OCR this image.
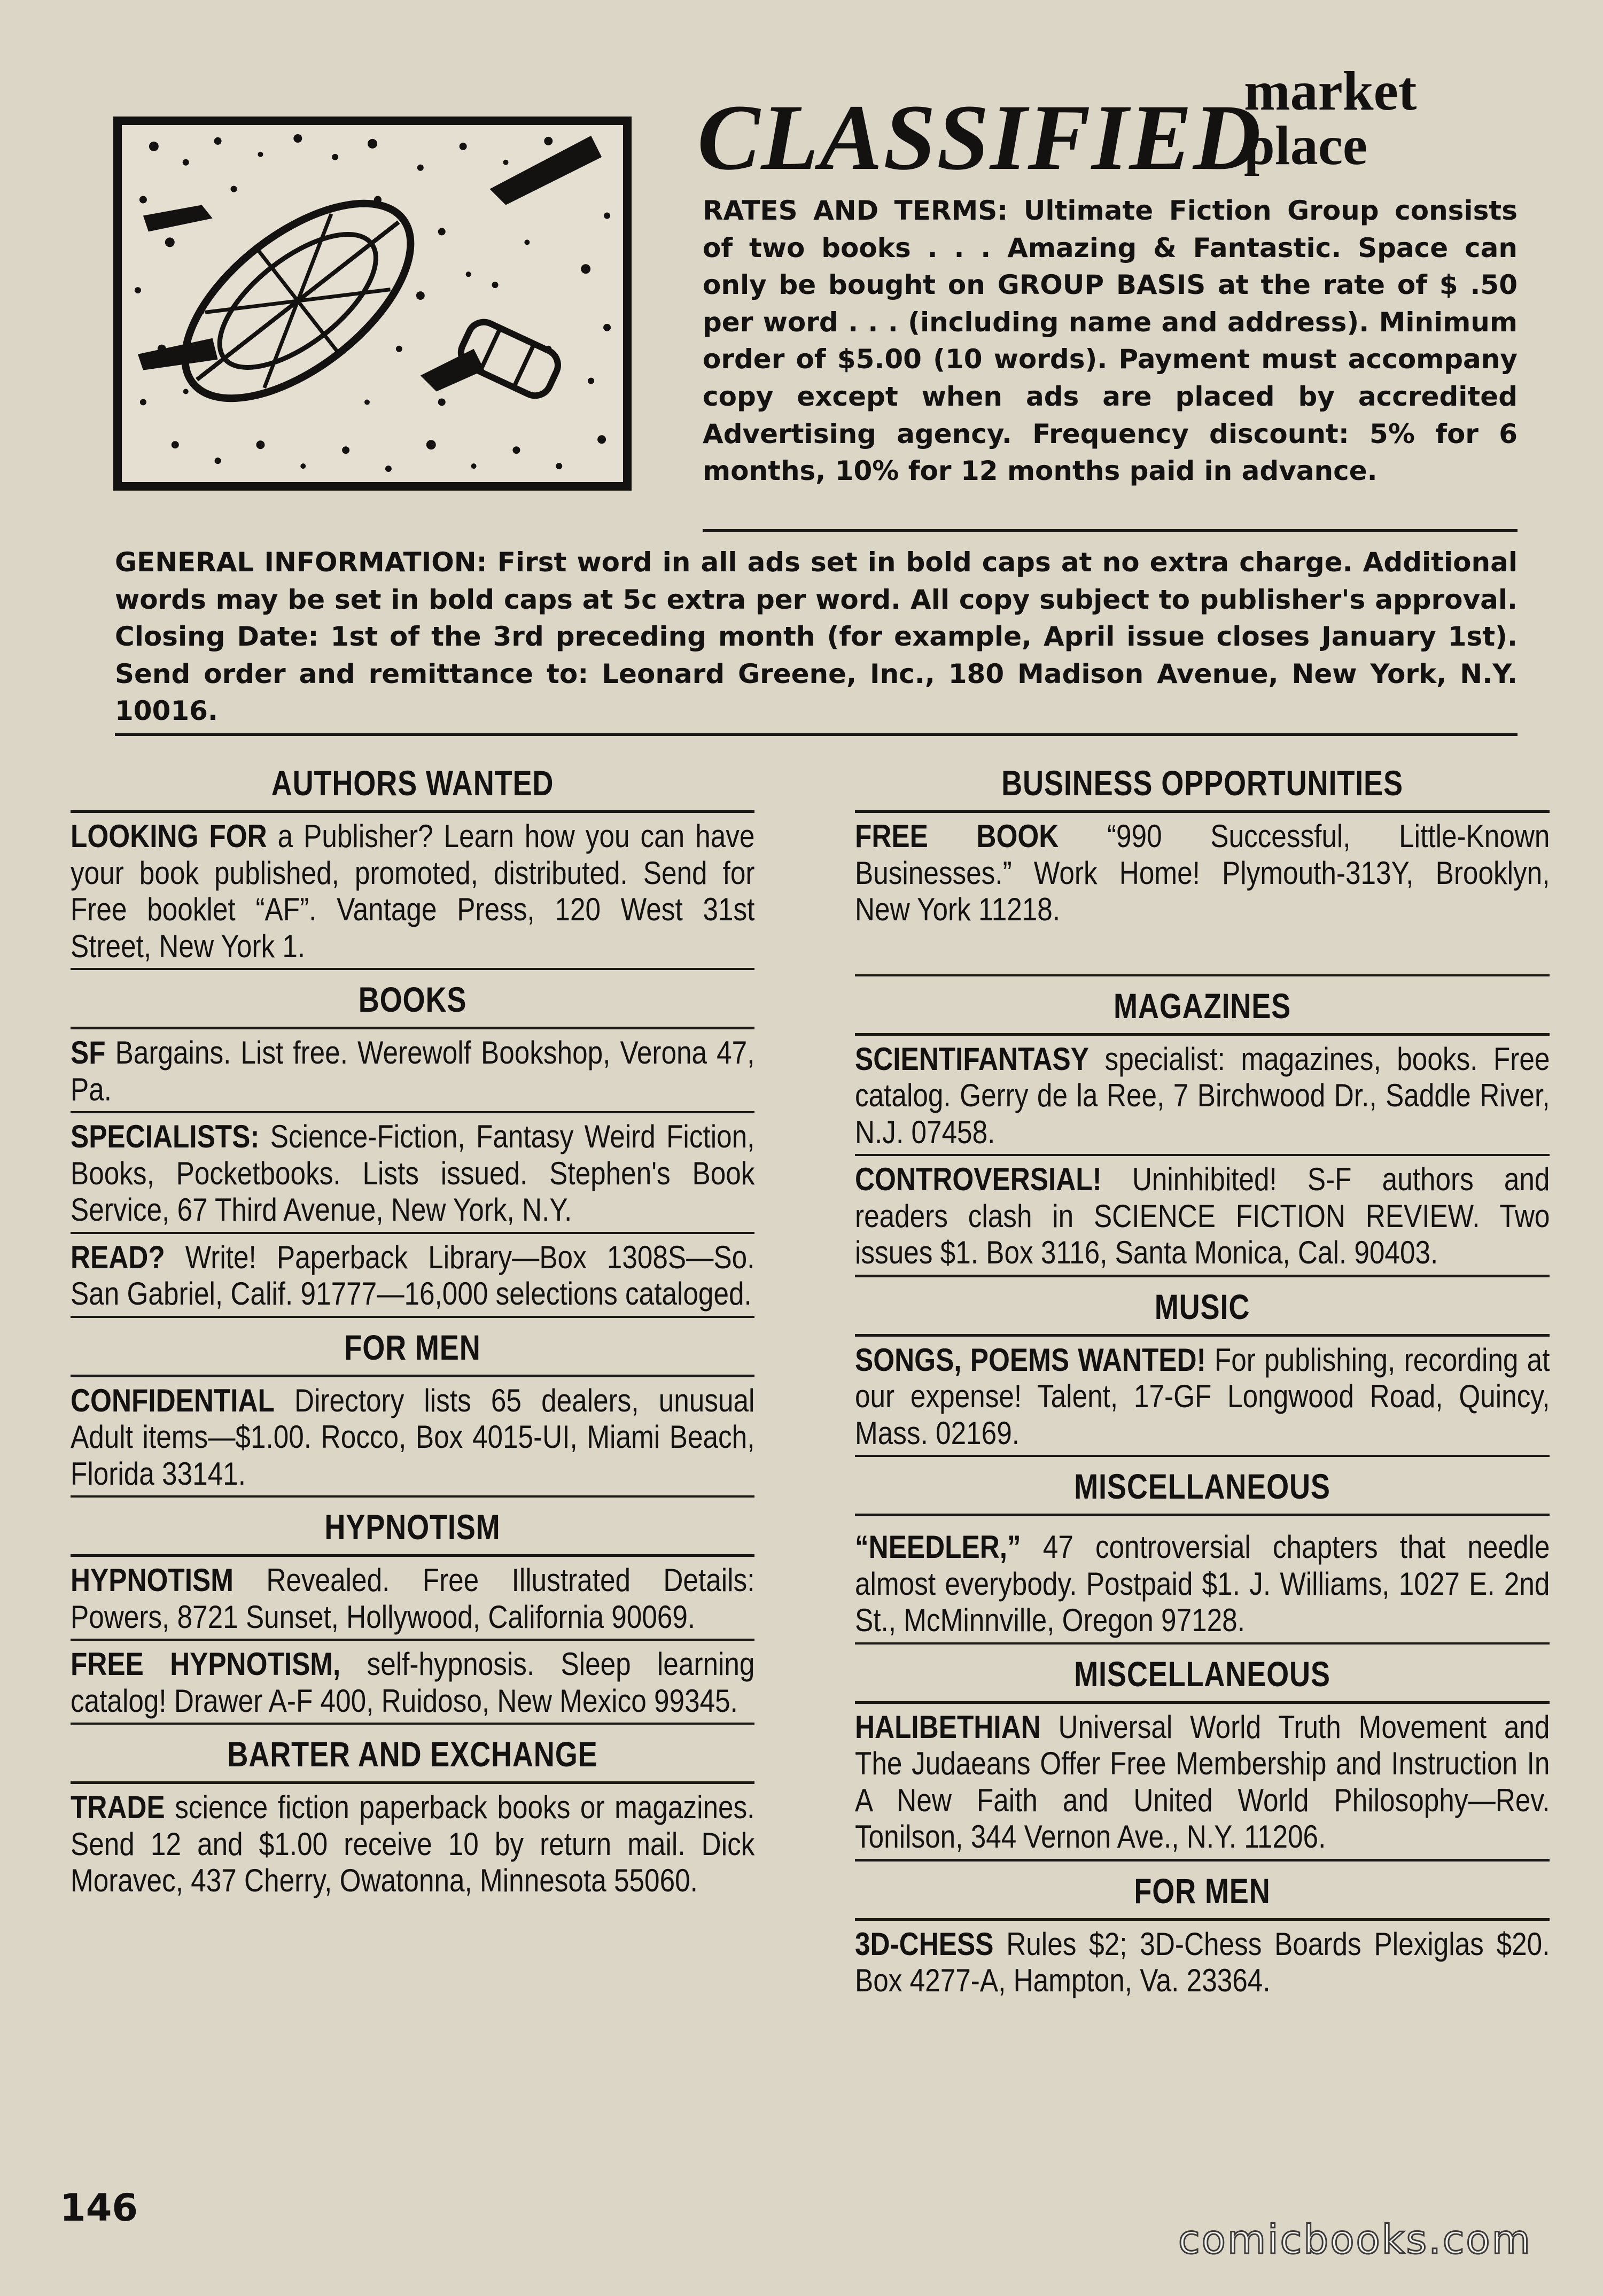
CLASSIFIED
market
place

RATES AND TERMS: Ultimate Fiction Group consists of two books . . . Amazing & Fantastic. Space can only be bought on GROUP BASIS at the rate of $ .50 per word . . . (including name and address). Minimum order of $5.00 (10 words). Payment must accompany copy except when ads are placed by accredited Advertising agency. Frequency discount: 5% for 6 months, 10% for 12 months paid in advance.

GENERAL INFORMATION: First word in all ads set in bold caps at no extra charge. Additional words may be set in bold caps at 5c extra per word. All copy subject to publisher's approval. Closing Date: 1st of the 3rd preceding month (for example, April issue closes January 1st). Send order and remittance to: Leonard Greene, Inc., 180 Madison Avenue, New York, N.Y. 10016.

AUTHORS WANTED

LOOKING FOR a Publisher? Learn how you can have your book published, promoted, distributed. Send for Free booklet “AF”. Vantage Press, 120 West 31st Street, New York 1.

BOOKS

SF Bargains. List free. Werewolf Bookshop, Verona 47, Pa.

SPECIALISTS: Science-Fiction, Fantasy Weird Fiction, Books, Pocketbooks. Lists issued. Stephen's Book Service, 67 Third Avenue, New York, N.Y.

READ? Write! Paperback Library—Box 1308S—So. San Gabriel, Calif. 91777—16,000 selections cataloged.

FOR MEN

CONFIDENTIAL Directory lists 65 dealers, unusual Adult items—$1.00. Rocco, Box 4015-UI, Miami Beach, Florida 33141.

HYPNOTISM

HYPNOTISM Revealed. Free Illustrated Details: Powers, 8721 Sunset, Hollywood, California 90069.

FREE HYPNOTISM, self-hypnosis. Sleep learning catalog! Drawer A-F 400, Ruidoso, New Mexico 99345.

BARTER AND EXCHANGE

TRADE science fiction paperback books or magazines. Send 12 and $1.00 receive 10 by return mail. Dick Moravec, 437 Cherry, Owatonna, Minnesota 55060.

BUSINESS OPPORTUNITIES

FREE BOOK “990 Successful, Little-Known Businesses.” Work Home! Plymouth-313Y, Brooklyn, New York 11218.

MAGAZINES

SCIENTIFANTASY specialist: magazines, books. Free catalog. Gerry de la Ree, 7 Birchwood Dr., Saddle River, N.J. 07458.

CONTROVERSIAL! Uninhibited! S-F authors and readers clash in SCIENCE FICTION REVIEW. Two issues $1. Box 3116, Santa Monica, Cal. 90403.

MUSIC

SONGS, POEMS WANTED! For publishing, recording at our expense! Talent, 17-GF Longwood Road, Quincy, Mass. 02169.

MISCELLANEOUS

“NEEDLER,” 47 controversial chapters that needle almost everybody. Postpaid $1. J. Williams, 1027 E. 2nd St., McMinnville, Oregon 97128.

MISCELLANEOUS

HALIBETHIAN Universal World Truth Movement and The Judaeans Offer Free Membership and Instruction In A New Faith and United World Philosophy—Rev. Tonilson, 344 Vernon Ave., N.Y. 11206.

FOR MEN

3D-CHESS Rules $2; 3D-Chess Boards Plexiglas $20. Box 4277-A, Hampton, Va. 23364.

146
comicbooks.com
